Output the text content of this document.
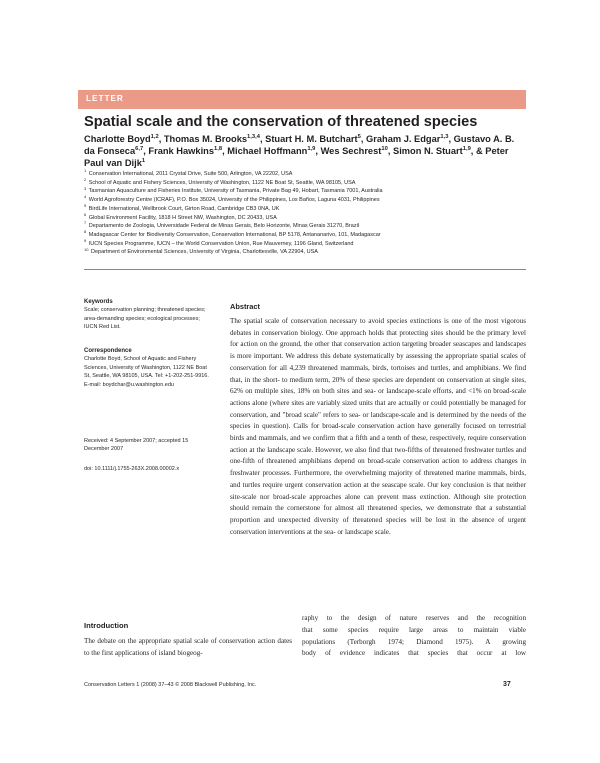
LETTER
Spatial scale and the conservation of threatened species
Charlotte Boyd$^{1,2}$, Thomas M. Brooks$^{1,3,4}$, Stuart H. M. Butchart$^5$, Graham J. Edgar$^{1,3}$, Gustavo A. B. da Fonseca$^{6,7}$, Frank Hawkins$^{1,8}$, Michael Hoffmann$^{1,9}$, Wes Sechrest$^{10}$, Simon N. Stuart$^{1,9}$, & Peter Paul van Dijk$^1$
$^1$ Conservation International, 2011 Crystal Drive, Suite 500, Arlington, VA 22202, USA
$^2$ School of Aquatic and Fishery Sciences, University of Washington, 1122 NE Boat St, Seattle, WA 98105, USA
$^3$ Tasmanian Aquaculture and Fisheries Institute, University of Tasmania, Private Bag 49, Hobart, Tasmania 7001, Australia
$^4$ World Agroforestry Centre (ICRAF), P.O. Box 35024, University of the Philippines, Los Baños, Laguna 4031, Philippines
$^5$ BirdLife International, Wellbrook Court, Girton Road, Cambridge CB3 0NA, UK
$^6$ Global Environment Facility, 1818 H Street NW, Washington, DC 20433, USA
$^7$ Departamento de Zoologia, Universidade Federal de Minas Gerais, Belo Horizonte, Minas Gerais 31270, Brazil
$^8$ Madagascar Center for Biodiversity Conservation, Conservation International, BP 5178, Antananarivo, 101, Madagascar
$^9$ IUCN Species Programme, IUCN – the World Conservation Union, Rue Mauverney, 1196 Gland, Switzerland
$^{10}$ Department of Environmental Sciences, University of Virginia, Charlottesville, VA 22904, USA
Keywords
Scale; conservation planning; threatened species; area-demanding species; ecological processes; IUCN Red List.
Correspondence
Charlotte Boyd, School of Aquatic and Fishery Sciences, University of Washington, 1122 NE Boat St, Seattle, WA 98105, USA. Tel: +1-202-251-9916.
E-mail: boydchar@u.washington.edu
Received: 4 September 2007; accepted 15 December 2007
doi: 10.1111/j.1755-263X.2008.00002.x
Abstract

The spatial scale of conservation necessary to avoid species extinctions is one of the most vigorous debates in conservation biology. One approach holds that protecting sites should be the primary level for action on the ground, the other that conservation action targeting broader seascapes and landscapes is more important. We address this debate systematically by assessing the appropriate spatial scales of conservation for all 4,239 threatened mammals, birds, tortoises and turtles, and amphibians. We find that, in the short- to medium term, 20% of these species are dependent on conservation at single sites, 62% on multiple sites, 18% on both sites and sea- or landscape-scale efforts, and <1% on broad-scale actions alone (where sites are variably sized units that are actually or could potentially be managed for conservation, and "broad scale" refers to sea- or landscape-scale and is determined by the needs of the species in question). Calls for broad-scale conservation action have generally focused on terrestrial birds and mammals, and we confirm that a fifth and a tenth of these, respectively, require conservation action at the landscape scale. However, we also find that two-fifths of threatened freshwater turtles and one-fifth of threatened amphibians depend on broad-scale conservation action to address changes in freshwater processes. Furthermore, the overwhelming majority of threatened marine mammals, birds, and turtles require urgent conservation action at the seascape scale. Our key conclusion is that neither site-scale nor broad-scale approaches alone can prevent mass extinction. Although site protection should remain the cornerstone for almost all threatened species, we demonstrate that a substantial proportion and unexpected diversity of threatened species will be lost in the absence of urgent conservation interventions at the sea- or landscape scale.

Introduction

The debate on the appropriate spatial scale of conservation action dates to the first applications of island biogeog-

raphy to the design of nature reserves and the recognition
that some species require large areas to maintain viable
populations (Terborgh 1974; Diamond 1975). A growing
body of evidence indicates that species that occur at low
Conservation Letters 1 (2008) 37–43 © 2008 Blackwell Publishing, Inc.	37
